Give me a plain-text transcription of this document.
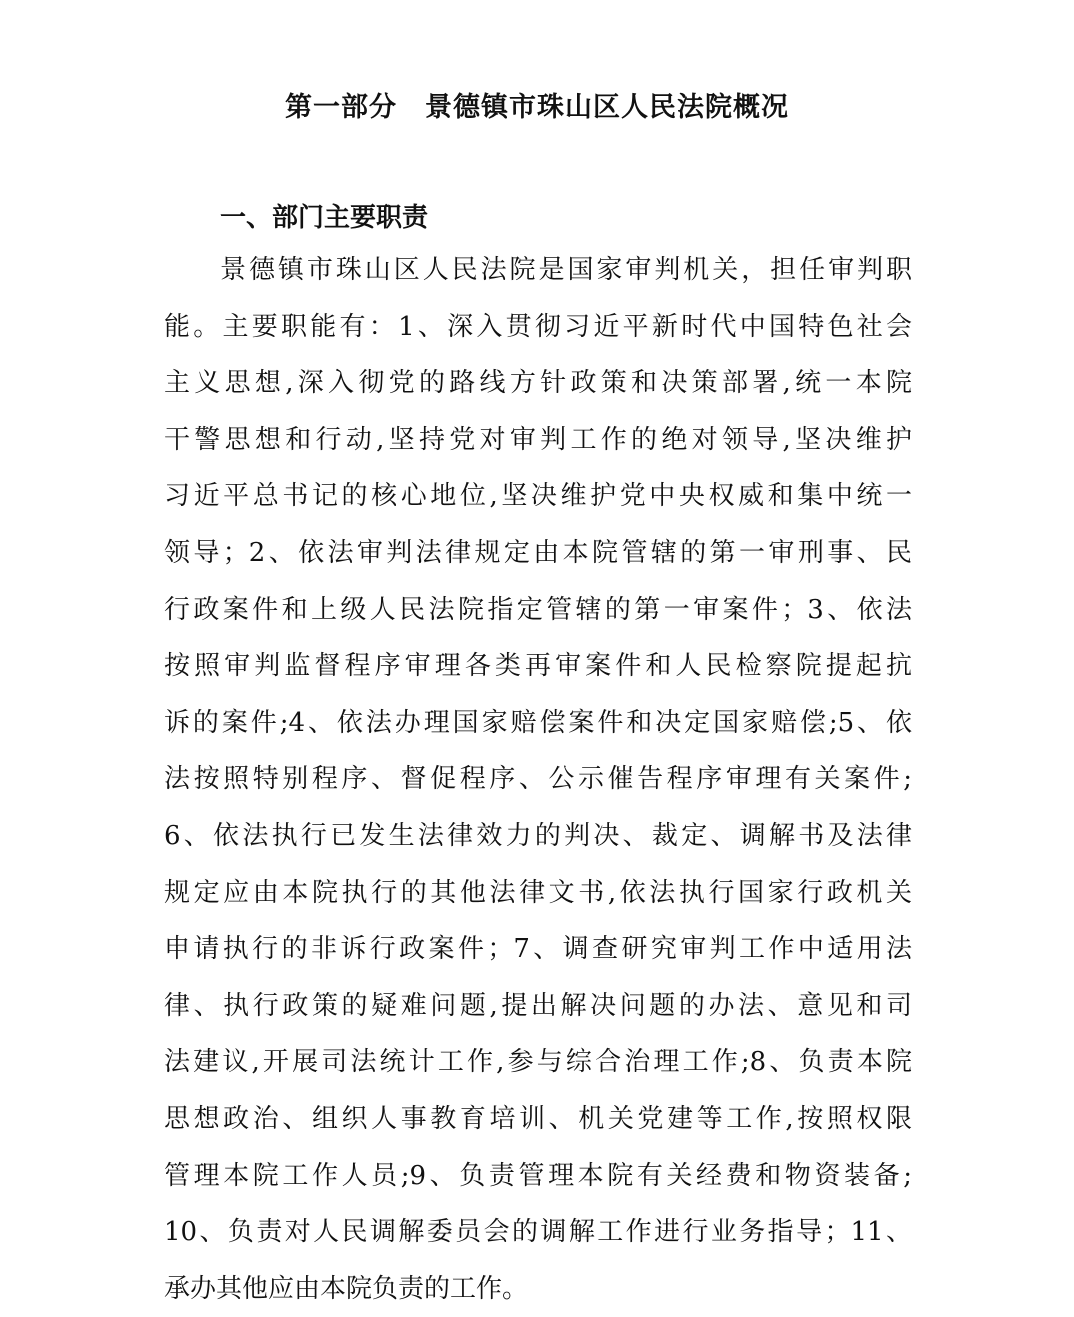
第一部分 景德镇市珠山区人民法院概况
一、部门主要职责
景德镇市珠山区人民法院是国家审判机关，担任审判职
能。主要职能有：1、深入贯彻习近平新时代中国特色社会
主义思想,深入彻党的路线方针政策和决策部署,统一本院
干警思想和行动,坚持党对审判工作的绝对领导,坚决维护
习近平总书记的核心地位,坚决维护党中央权威和集中统一
领导；2、依法审判法律规定由本院管辖的第一审刑事、民
行政案件和上级人民法院指定管辖的第一审案件；3、依法
按照审判监督程序审理各类再审案件和人民检察院提起抗
诉的案件;4、依法办理国家赔偿案件和决定国家赔偿;5、依
法按照特别程序、督促程序、公示催告程序审理有关案件;
6、依法执行已发生法律效力的判决、裁定、调解书及法律
规定应由本院执行的其他法律文书,依法执行国家行政机关
申请执行的非诉行政案件；7、调查研究审判工作中适用法
律、执行政策的疑难问题,提出解决问题的办法、意见和司
法建议,开展司法统计工作,参与综合治理工作;8、负责本院
思想政治、组织人事教育培训、机关党建等工作,按照权限
管理本院工作人员;9、负责管理本院有关经费和物资装备;
10、负责对人民调解委员会的调解工作进行业务指导；11、
承办其他应由本院负责的工作。
